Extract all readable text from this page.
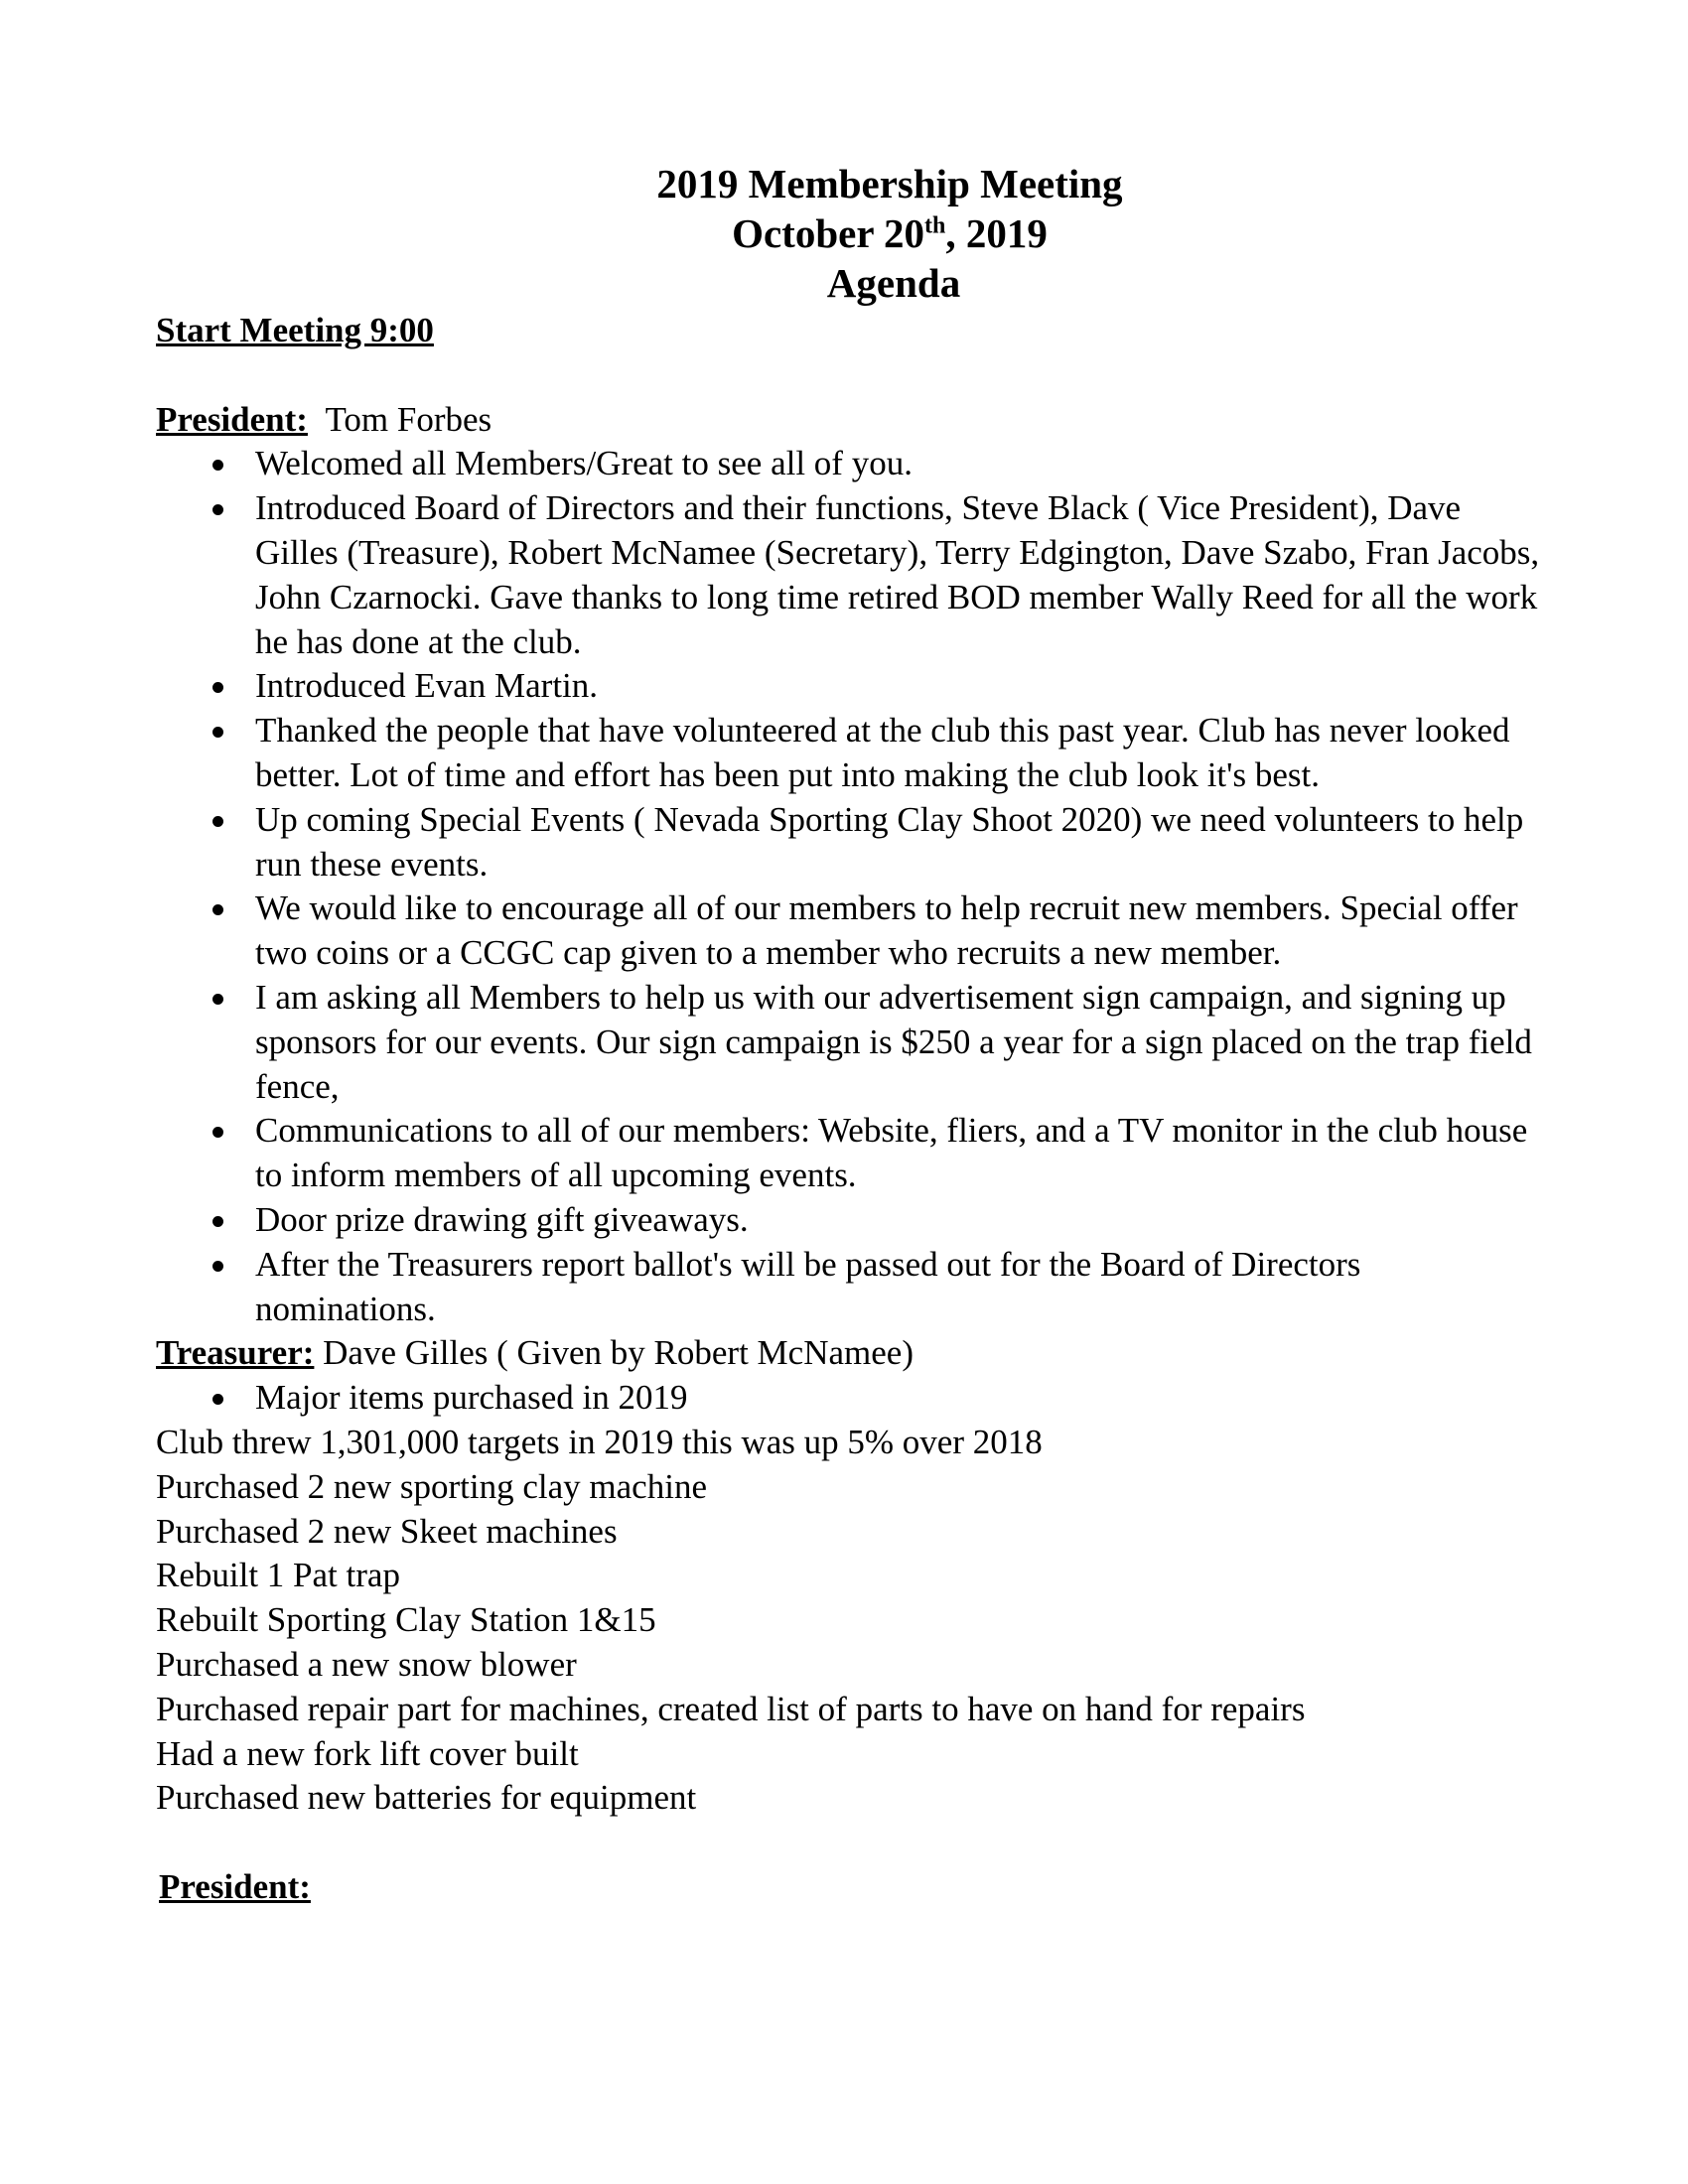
2019 Membership Meeting
October 20th, 2019
Agenda
Start Meeting 9:00
President: Tom Forbes
Welcomed all Members/Great to see all of you.
Introduced Board of Directors and their functions, Steve Black ( Vice President), Dave Gilles (Treasure), Robert McNamee (Secretary), Terry Edgington, Dave Szabo, Fran Jacobs, John Czarnocki. Gave thanks to long time retired BOD member Wally Reed for all the work he has done at the club.
Introduced Evan Martin.
Thanked the people that have volunteered at the club this past year. Club has never looked better. Lot of time and effort has been put into making the club look it's best.
Up coming Special Events ( Nevada Sporting Clay Shoot 2020) we need volunteers to help run these events.
We would like to encourage all of our members to help recruit new members. Special offer two coins or a CCGC cap given to a member who recruits a new member.
I am asking all Members to help us with our advertisement sign campaign, and signing up sponsors for our events. Our sign campaign is $250 a year for a sign placed on the trap field fence,
Communications to all of our members: Website, fliers, and a TV monitor in the club house to inform members of all upcoming events.
Door prize drawing gift giveaways.
After the Treasurers report ballot's will be passed out for the Board of Directors nominations.
Treasurer: Dave Gilles ( Given by Robert McNamee)
Major items purchased in 2019
Club threw 1,301,000 targets in 2019 this was up 5% over 2018
Purchased 2 new sporting clay machine
Purchased 2 new Skeet machines
Rebuilt 1 Pat trap
Rebuilt Sporting Clay Station 1&15
Purchased a new snow blower
Purchased repair part for machines, created list of parts to have on hand for repairs
Had a new fork lift cover built
Purchased new batteries for equipment
President:
